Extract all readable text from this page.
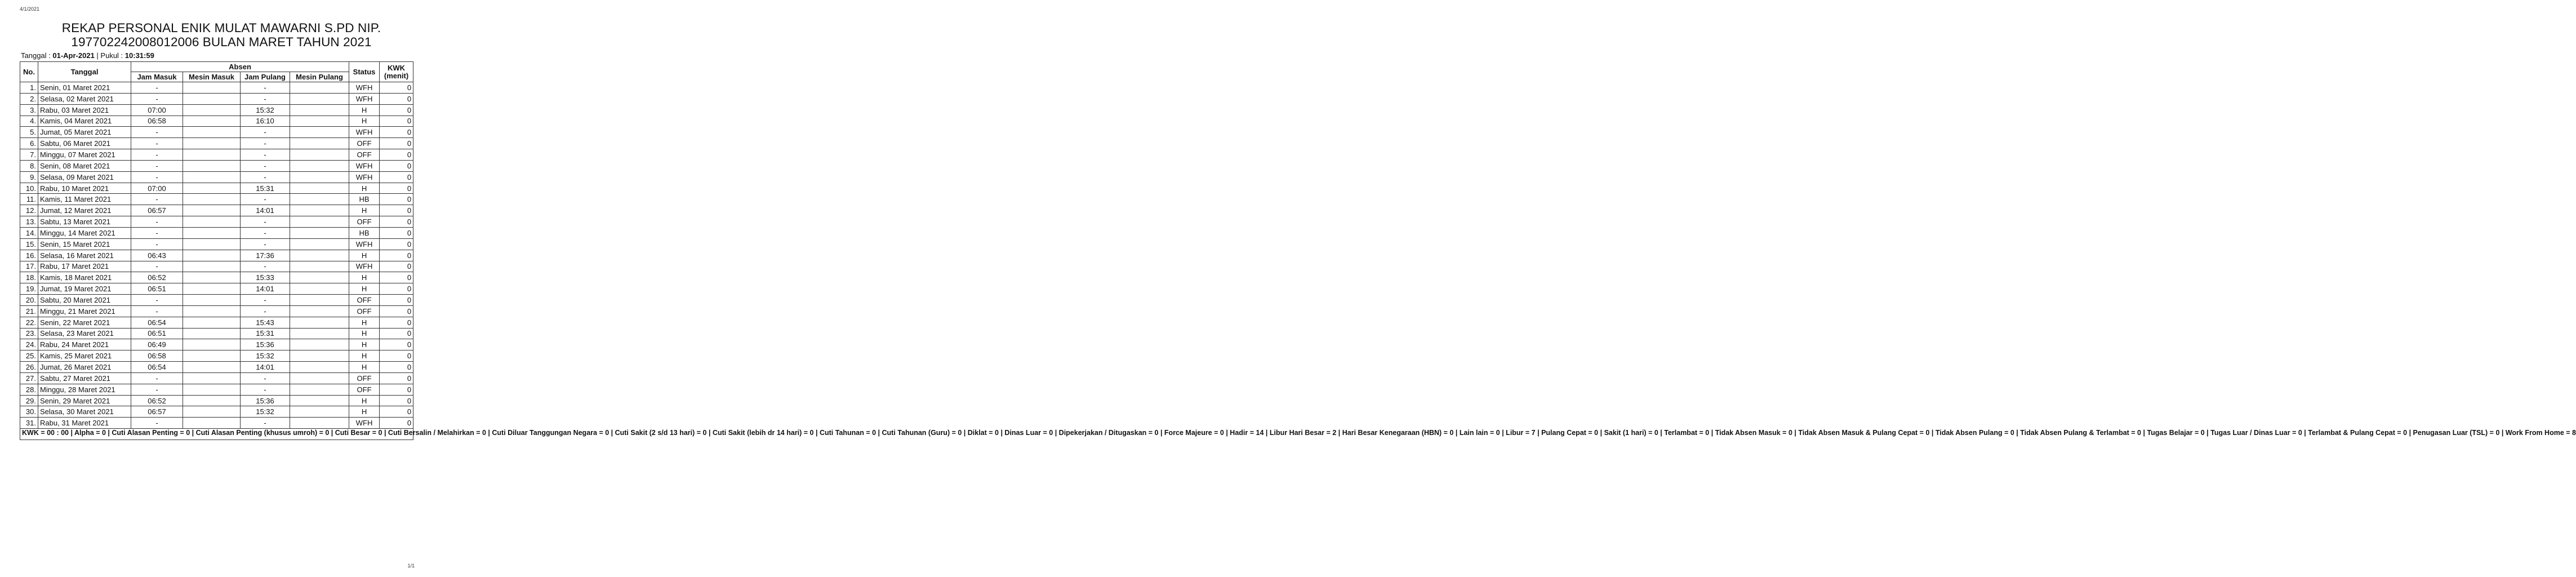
4/1/2021
REKAP PERSONAL ENIK MULAT MAWARNI S.PD NIP. 197702242008012006 BULAN MARET TAHUN 2021
Tanggal : 01-Apr-2021 | Pukul : 10:31:59
No.	Tanggal	Absen				Status	KWK (menit)
		Jam Masuk	Mesin Masuk	Jam Pulang	Mesin Pulang		
1.	Senin, 01 Maret 2021	-		-		WFH	0
2.	Selasa, 02 Maret 2021	-		-		WFH	0
3.	Rabu, 03 Maret 2021	07:00		15:32		H	0
4.	Kamis, 04 Maret 2021	06:58		16:10		H	0
5.	Jumat, 05 Maret 2021	-		-		WFH	0
6.	Sabtu, 06 Maret 2021	-		-		OFF	0
7.	Minggu, 07 Maret 2021	-		-		OFF	0
8.	Senin, 08 Maret 2021	-		-		WFH	0
9.	Selasa, 09 Maret 2021	-		-		WFH	0
10.	Rabu, 10 Maret 2021	07:00		15:31		H	0
11.	Kamis, 11 Maret 2021	-		-		HB	0
12.	Jumat, 12 Maret 2021	06:57		14:01		H	0
13.	Sabtu, 13 Maret 2021	-		-		OFF	0
14.	Minggu, 14 Maret 2021	-		-		HB	0
15.	Senin, 15 Maret 2021	-		-		WFH	0
16.	Selasa, 16 Maret 2021	06:43		17:36		H	0
17.	Rabu, 17 Maret 2021	-		-		WFH	0
18.	Kamis, 18 Maret 2021	06:52		15:33		H	0
19.	Jumat, 19 Maret 2021	06:51		14:01		H	0
20.	Sabtu, 20 Maret 2021	-		-		OFF	0
21.	Minggu, 21 Maret 2021	-		-		OFF	0
22.	Senin, 22 Maret 2021	06:54		15:43		H	0
23.	Selasa, 23 Maret 2021	06:51		15:31		H	0
24.	Rabu, 24 Maret 2021	06:49		15:36		H	0
25.	Kamis, 25 Maret 2021	06:58		15:32		H	0
26.	Jumat, 26 Maret 2021	06:54		14:01		H	0
27.	Sabtu, 27 Maret 2021	-		-		OFF	0
28.	Minggu, 28 Maret 2021	-		-		OFF	0
29.	Senin, 29 Maret 2021	06:52		15:36		H	0
30.	Selasa, 30 Maret 2021	06:57		15:32		H	0
31.	Rabu, 31 Maret 2021	-		-		WFH	0
KWK = 00 : 00 | Alpha = 0 | Cuti Alasan Penting = 0 | Cuti Alasan Penting (khusus umroh) = 0 | Cuti Besar = 0 | Cuti Bersalin / Melahirkan = 0 | Cuti Diluar Tanggungan Negara = 0 | Cuti Sakit (2 s/d 13 hari) = 0 | Cuti Sakit (lebih dr 14 hari) = 0 | Cuti Tahunan = 0 | Cuti Tahunan (Guru) = 0 | Diklat = 0 | Dinas Luar = 0 | Dipekerjakan / Ditugaskan = 0 | Force Majeure = 0 | Hadir = 14 | Libur Hari Besar = 2 | Hari Besar Kenegaraan (HBN) = 0 | Lain lain = 0 | Libur = 7 | Pulang Cepat = 0 | Sakit (1 hari) = 0 | Terlambat = 0 | Tidak Absen Masuk = 0 | Tidak Absen Masuk & Pulang Cepat = 0 | Tidak Absen Pulang = 0 | Tidak Absen Pulang & Terlambat = 0 | Tugas Belajar = 0 | Tugas Luar / Dinas Luar = 0 | Terlambat & Pulang Cepat = 0 | Penugasan Luar (TSL) = 0 | Work From Home = 8							
1/1
